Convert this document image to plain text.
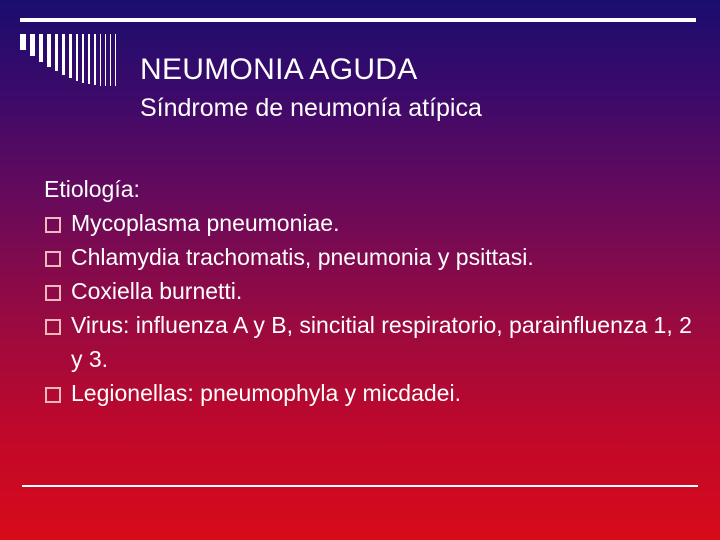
NEUMONIA AGUDA
Síndrome de neumonía atípica

Etiología:

Mycoplasma pneumoniae.
Chlamydia trachomatis, pneumonia y psittasi.
Coxiella burnetti.
Virus: influenza A y B, sincitial respiratorio, parainfluenza 1, 2 y 3.
Legionellas: pneumophyla y micdadei.
